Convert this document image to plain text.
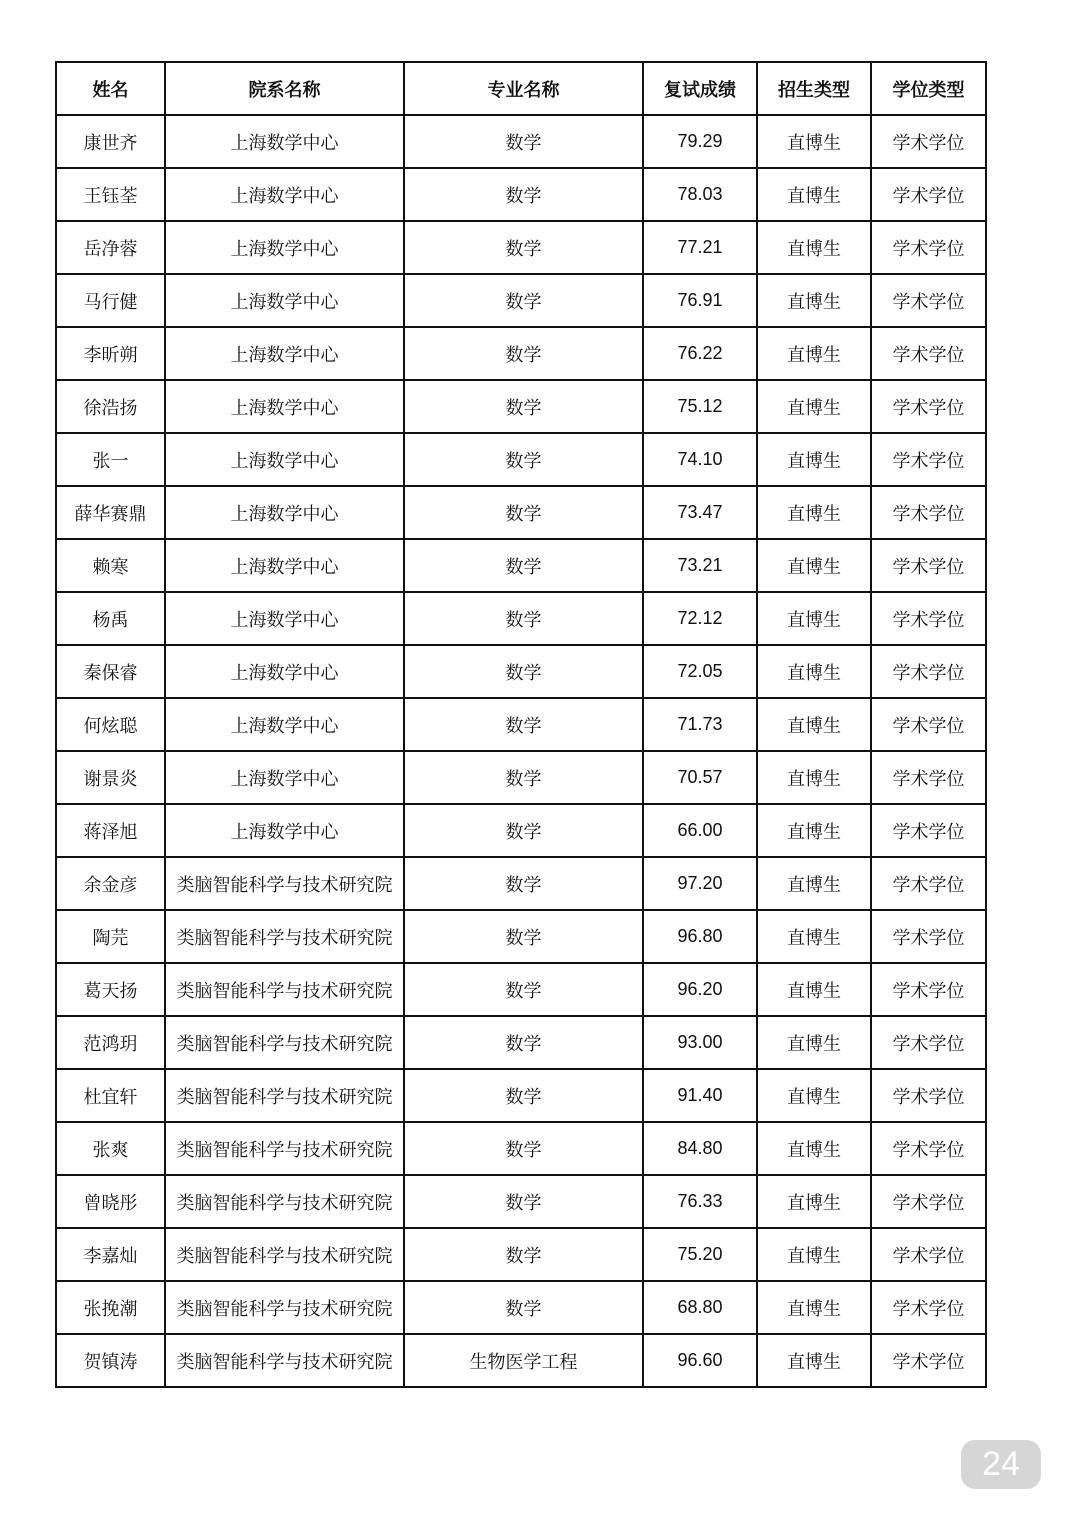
姓名	院系名称	专业名称	复试成绩	招生类型	学位类型
康世齐	上海数学中心	数学	79.29	直博生	学术学位
王钰荃	上海数学中心	数学	78.03	直博生	学术学位
岳净蓉	上海数学中心	数学	77.21	直博生	学术学位
马行健	上海数学中心	数学	76.91	直博生	学术学位
李昕朔	上海数学中心	数学	76.22	直博生	学术学位
徐浩扬	上海数学中心	数学	75.12	直博生	学术学位
张一	上海数学中心	数学	74.10	直博生	学术学位
薛华赛鼎	上海数学中心	数学	73.47	直博生	学术学位
赖寒	上海数学中心	数学	73.21	直博生	学术学位
杨禹	上海数学中心	数学	72.12	直博生	学术学位
秦保睿	上海数学中心	数学	72.05	直博生	学术学位
何炫聪	上海数学中心	数学	71.73	直博生	学术学位
谢景炎	上海数学中心	数学	70.57	直博生	学术学位
蒋泽旭	上海数学中心	数学	66.00	直博生	学术学位
余金彦	类脑智能科学与技术研究院	数学	97.20	直博生	学术学位
陶芫	类脑智能科学与技术研究院	数学	96.80	直博生	学术学位
葛天扬	类脑智能科学与技术研究院	数学	96.20	直博生	学术学位
范鸿玥	类脑智能科学与技术研究院	数学	93.00	直博生	学术学位
杜宜轩	类脑智能科学与技术研究院	数学	91.40	直博生	学术学位
张爽	类脑智能科学与技术研究院	数学	84.80	直博生	学术学位
曾晓彤	类脑智能科学与技术研究院	数学	76.33	直博生	学术学位
李嘉灿	类脑智能科学与技术研究院	数学	75.20	直博生	学术学位
张挽潮	类脑智能科学与技术研究院	数学	68.80	直博生	学术学位
贺镇涛	类脑智能科学与技术研究院	生物医学工程	96.60	直博生	学术学位
24
